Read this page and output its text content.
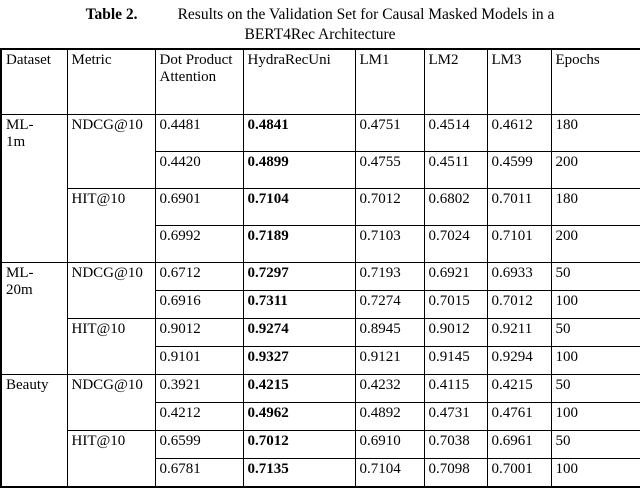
Table 2.	Results on the Validation Set for Causal Masked Models in a BERT4Rec Architecture
Dataset	Metric	Dot Product Attention	HydraRecUni	LM1	LM2	LM3	Epochs
ML-1m	NDCG@10	0.4481	0.4841	0.4751	0.4514	0.4612	180
		0.4420	0.4899	0.4755	0.4511	0.4599	200
	HIT@10	0.6901	0.7104	0.7012	0.6802	0.7011	180
		0.6992	0.7189	0.7103	0.7024	0.7101	200
ML-20m	NDCG@10	0.6712	0.7297	0.7193	0.6921	0.6933	50
		0.6916	0.7311	0.7274	0.7015	0.7012	100
	HIT@10	0.9012	0.9274	0.8945	0.9012	0.9211	50
		0.9101	0.9327	0.9121	0.9145	0.9294	100
Beauty	NDCG@10	0.3921	0.4215	0.4232	0.4115	0.4215	50
		0.4212	0.4962	0.4892	0.4731	0.4761	100
	HIT@10	0.6599	0.7012	0.6910	0.7038	0.6961	50
		0.6781	0.7135	0.7104	0.7098	0.7001	100
